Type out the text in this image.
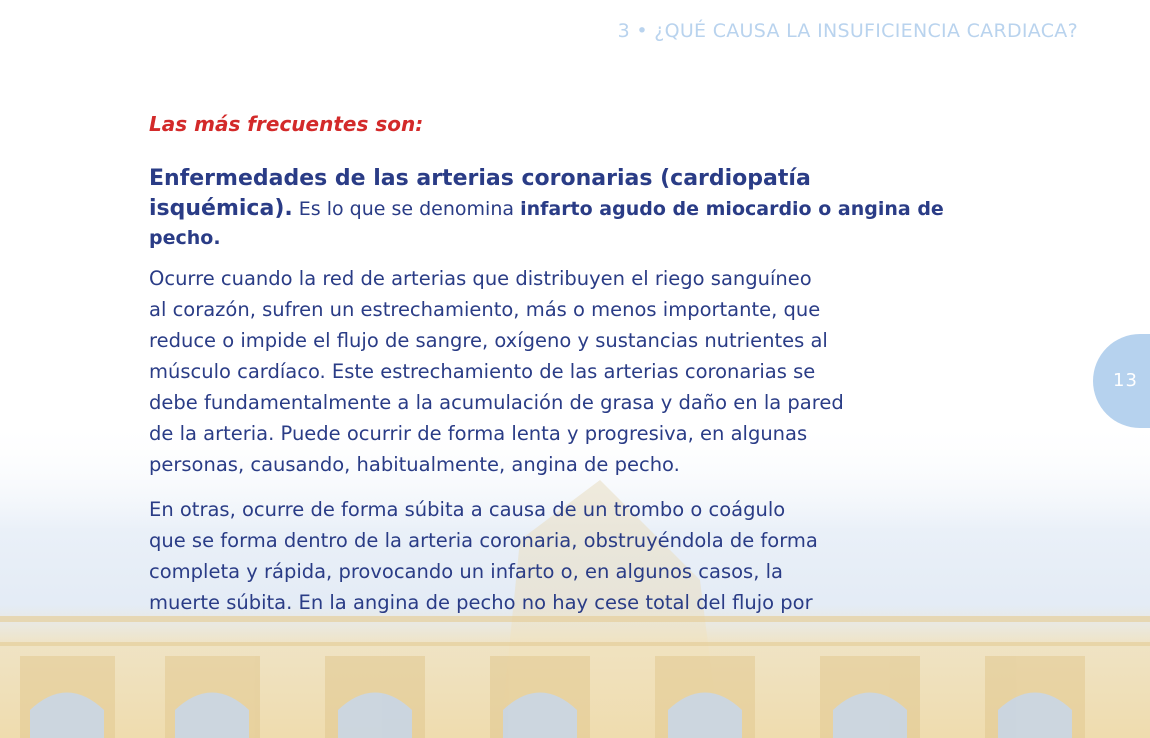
3 • ¿QUÉ CAUSA LA INSUFICIENCIA CARDIACA?
13

Las más frecuentes son:

Enfermedades de las arterias coronarias (cardiopatía isquémica). Es lo que se denomina infarto agudo de miocardio o angina de pecho.

Ocurre cuando la red de arterias que distribuyen el riego sanguíneo
al corazón, sufren un estrechamiento, más o menos importante, que
reduce o impide el flujo de sangre, oxígeno y sustancias nutrientes al
músculo cardíaco. Este estrechamiento de las arterias coronarias se
debe fundamentalmente a la acumulación de grasa y daño en la pared
de la arteria. Puede ocurrir de forma lenta y progresiva, en algunas
personas, causando, habitualmente, angina de pecho.

En otras, ocurre de forma súbita a causa de un trombo o coágulo
que se forma dentro de la arteria coronaria, obstruyéndola de forma
completa y rápida, provocando un infarto o, en algunos casos, la
muerte súbita. En la angina de pecho no hay cese total del flujo por
